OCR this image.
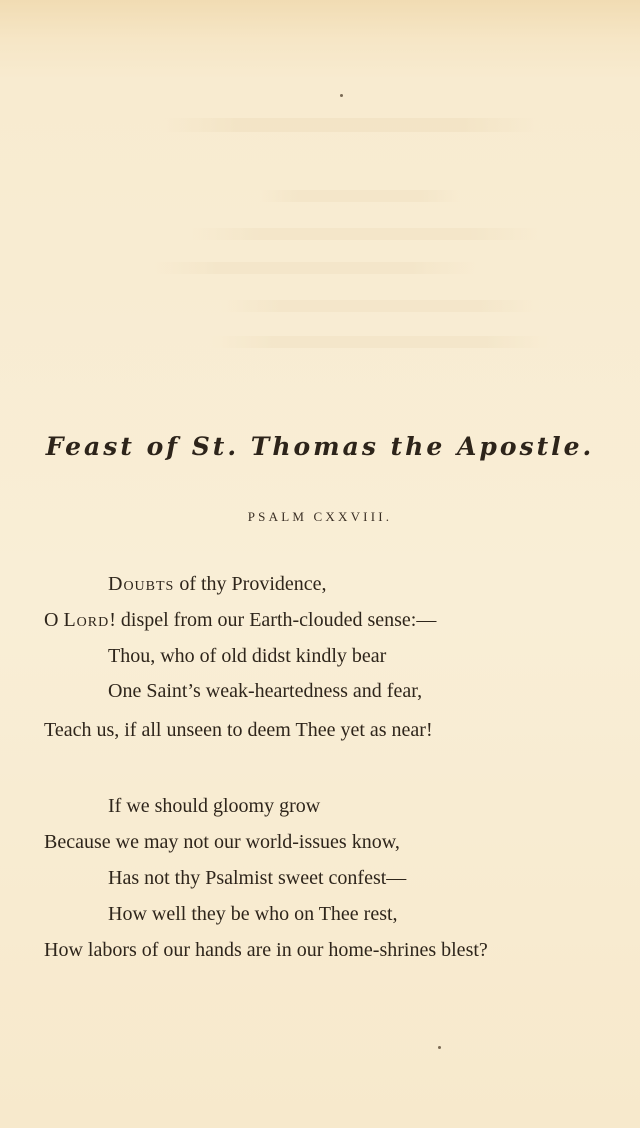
Feast of St. Thomas the Apostle.
PSALM CXXVIII.
Doubts of thy Providence,
O Lord! dispel from our Earth-clouded sense:—
Thou, who of old didst kindly bear
One Saint’s weak-heartedness and fear,
Teach us, if all unseen to deem Thee yet as near!
If we should gloomy grow
Because we may not our world-issues know,
Has not thy Psalmist sweet confest—
How well they be who on Thee rest,
How labors of our hands are in our home-shrines blest?
